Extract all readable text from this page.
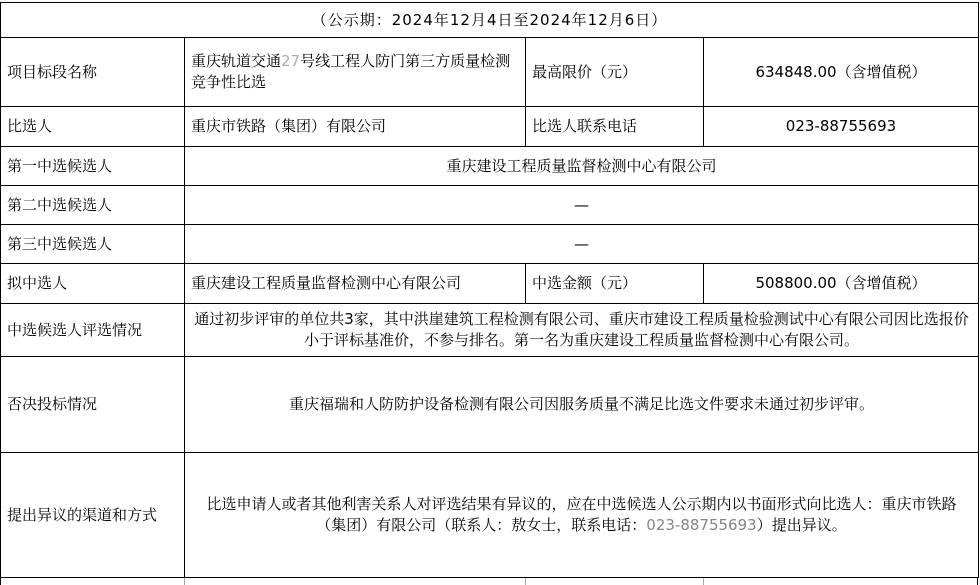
（公示期：2024年12月4日至2024年12月6日）			
项目标段名称	重庆轨道交通27号线工程人防门第三方质量检测竞争性比选	最高限价（元）	634848.00（含增值税）
比选人	重庆市铁路（集团）有限公司	比选人联系电话	023-88755693
第一中选候选人	重庆建设工程质量监督检测中心有限公司		
第二中选候选人	—		
第三中选候选人	—		
拟中选人	重庆建设工程质量监督检测中心有限公司	中选金额（元）	508800.00（含增值税）
中选候选人评选情况	通过初步评审的单位共3家，其中洪崖建筑工程检测有限公司、重庆市建设工程质量检验测试中心有限公司因比选报价小于评标基准价，不参与排名。第一名为重庆建设工程质量监督检测中心有限公司。		
否决投标情况	重庆福瑞和人防防护设备检测有限公司因服务质量不满足比选文件要求未通过初步评审。		
提出异议的渠道和方式	比选申请人或者其他利害关系人对评选结果有异议的，应在中选候选人公示期内以书面形式向比选人：重庆市铁路（集团）有限公司（联系人：敖女士，联系电话：023-88755693）提出异议。		
